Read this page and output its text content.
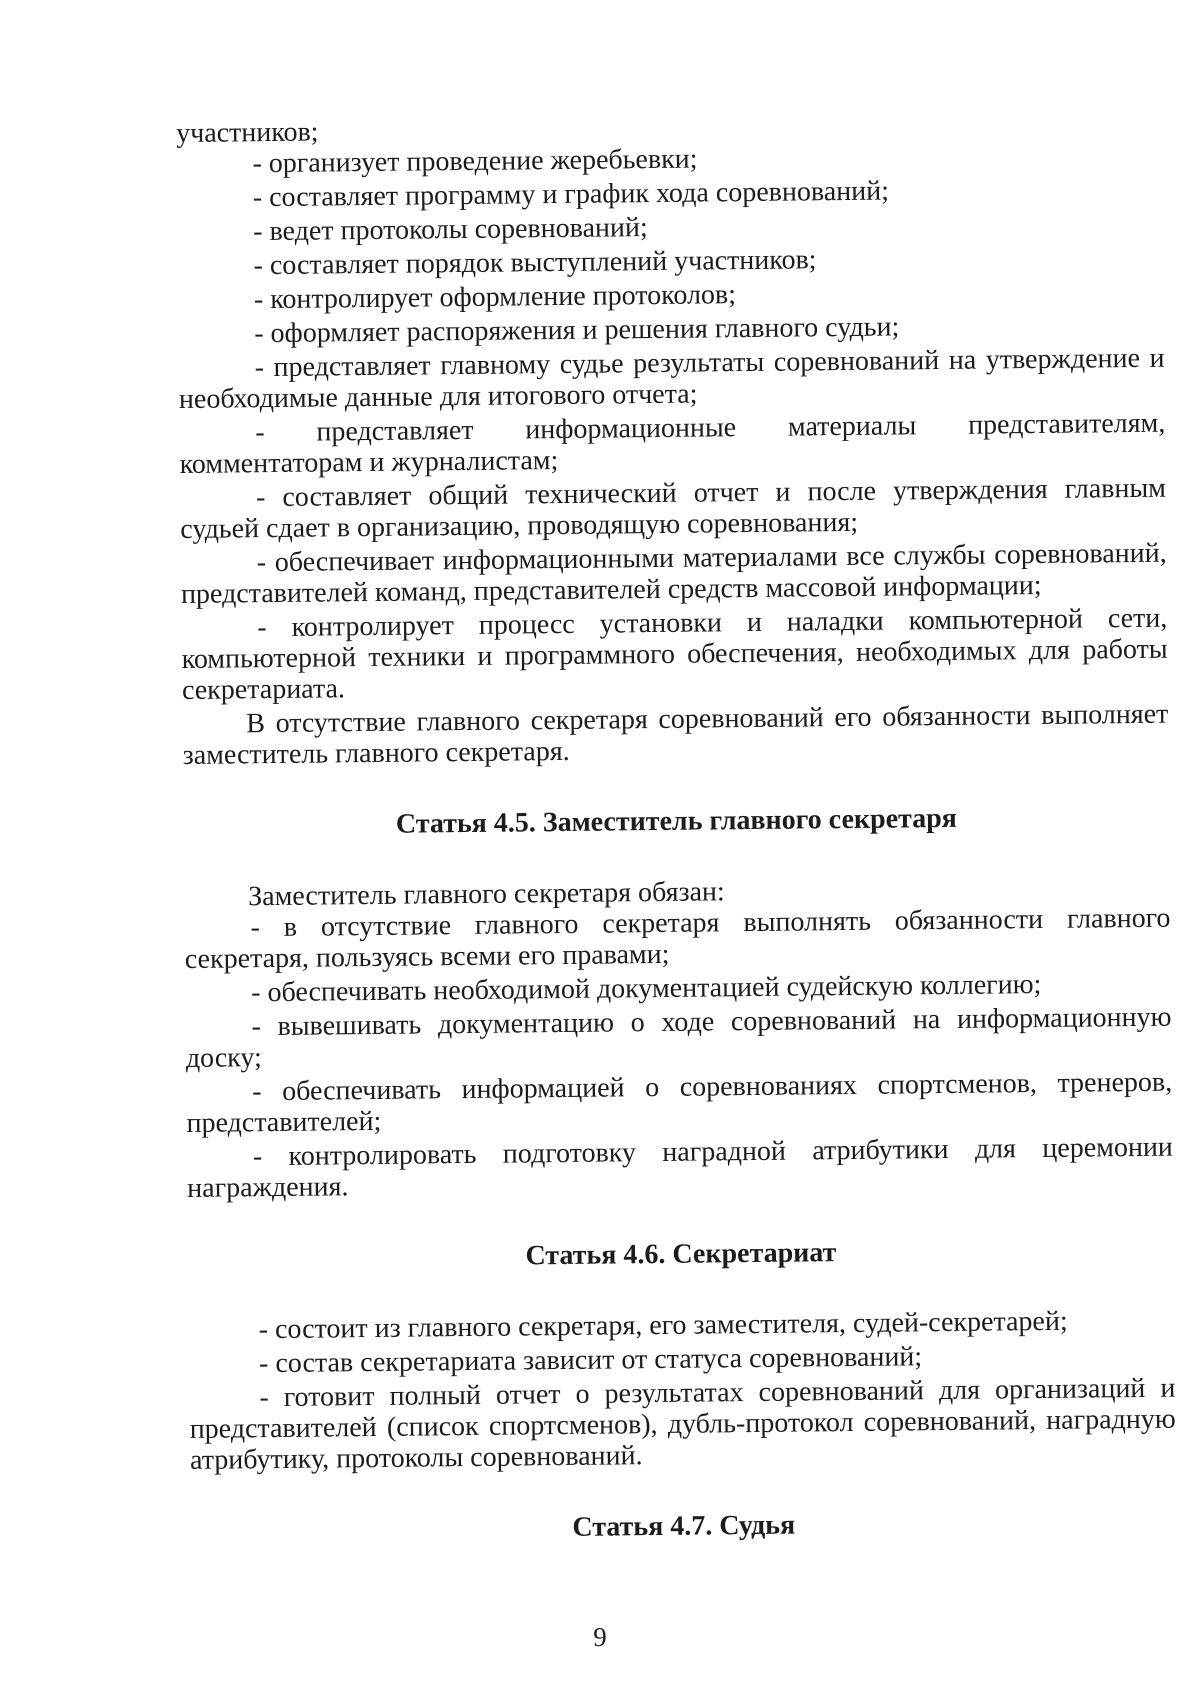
участников;

- организует проведение жеребьевки;

- составляет программу и график хода соревнований;

- ведет протоколы соревнований;

- составляет порядок выступлений участников;

- контролирует оформление протоколов;

- оформляет распоряжения и решения главного судьи;

- представляет главному судье результаты соревнований на утверждение и необходимые данные для итогового отчета;

- представляет информационные материалы представителям, комментаторам и журналистам;

- составляет общий технический отчет и после утверждения главным судьей сдает в организацию, проводящую соревнования;

- обеспечивает информационными материалами все службы соревнований, представителей команд, представителей средств массовой информации;

- контролирует процесс установки и наладки компьютерной сети, компьютерной техники и программного обеспечения, необходимых для работы секретариата.

В отсутствие главного секретаря соревнований его обязанности выполняет заместитель главного секретаря.

Статья 4.5. Заместитель главного секретаря

Заместитель главного секретаря обязан:

- в отсутствие главного секретаря выполнять обязанности главного секретаря, пользуясь всеми его правами;

- обеспечивать необходимой документацией судейскую коллегию;

- вывешивать документацию о ходе соревнований на информационную доску;

- обеспечивать информацией о соревнованиях спортсменов, тренеров, представителей;

- контролировать подготовку наградной атрибутики для церемонии награждения.

Статья 4.6. Секретариат

- состоит из главного секретаря, его заместителя, судей-секретарей;

- состав секретариата зависит от статуса соревнований;

- готовит полный отчет о результатах соревнований для организаций и представителей (список спортсменов), дубль-протокол соревнований, наградную атрибутику, протоколы соревнований.

Статья 4.7. Судья

9
